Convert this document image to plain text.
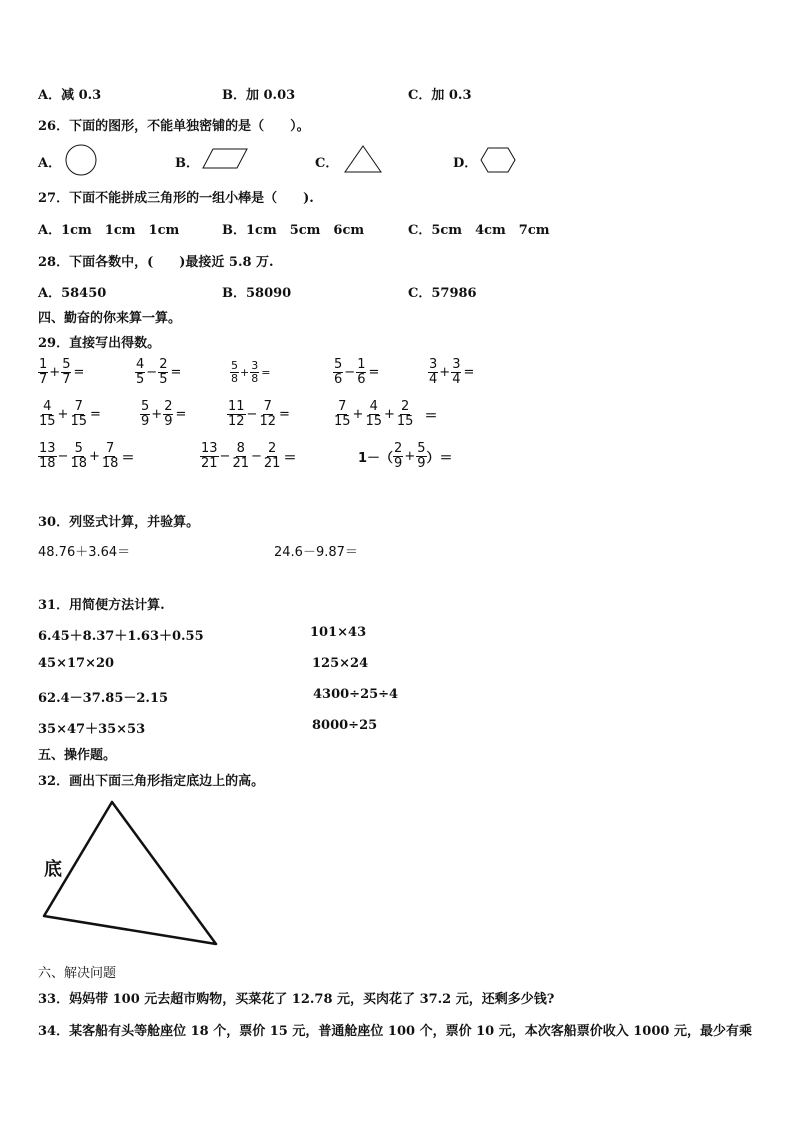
A．减 0.3	B．加 0.03	C．加 0.3
26．下面的图形，不能单独密铺的是（　　）。
A．	B．	C．	D．
27．下面不能拼成三角形的一组小棒是（　　).
A．1cm　1cm　1cm	B．1cm　5cm　6cm	C．5cm　4cm　7cm
28．下面各数中，(　　)最接近 5.8 万.
A．58450	B．58090	C．57986
四、勤奋的你来算一算。
29．直接写出得数。
$\frac{1}{7} + \frac{5}{7}$ =	$\frac{4}{5} - \frac{2}{5}$ =	$\frac{5}{8} + \frac{3}{8}$ =	$\frac{5}{6} - \frac{1}{6}$ =	$\frac{3}{4} + \frac{3}{4}$ =
$\frac{4}{15} + \frac{7}{15}$ =	$\frac{5}{9} + \frac{2}{9}$ =	$\frac{11}{12} - \frac{7}{12}$ =	$\frac{7}{15} + \frac{4}{15} + \frac{2}{15}$ ＝
$\frac{13}{18} - \frac{5}{18} + \frac{7}{18}$ ＝	$\frac{13}{21} - \frac{8}{21} - \frac{2}{21}$ ＝	$1-( \frac{2}{9} + \frac{5}{9}$ ）＝
30．列竖式计算，并验算。
48.76＋3.64＝	24.6－9.87＝
31．用简便方法计算.
6.45＋8.37＋1.63＋0.55	101×43
45×17×20	125×24
62.4－37.85－2.15	4300÷25÷4
35×47＋35×53	8000÷25
五、操作题。
32．画出下面三角形指定底边上的高。
底
六、解决问题
33．妈妈带 100 元去超市购物，买菜花了 12.78 元，买肉花了 37.2 元，还剩多少钱?
34．某客船有头等舱座位 18 个，票价 15 元，普通舱座位 100 个，票价 10 元，本次客船票价收入 1000 元，最少有乘
